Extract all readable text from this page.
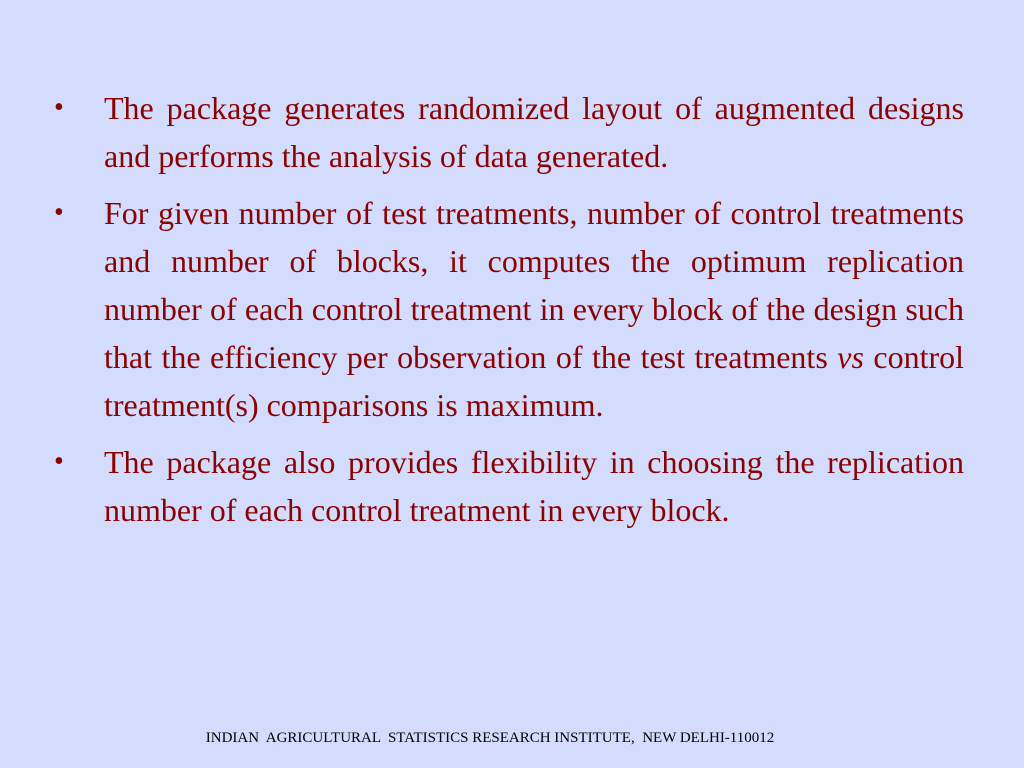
•	The package generates randomized layout of augmented designs and performs the analysis of data generated.
•	For given number of test treatments, number of control treatments and number of blocks, it computes the optimum replication number of each control treatment in every block of the design such that the efficiency per observation of the test treatments vs control treatment(s) comparisons is maximum.
•	The package also provides flexibility in choosing the replication number of each control treatment in every block.
INDIAN  AGRICULTURAL  STATISTICS RESEARCH INSTITUTE,  NEW DELHI-110012
